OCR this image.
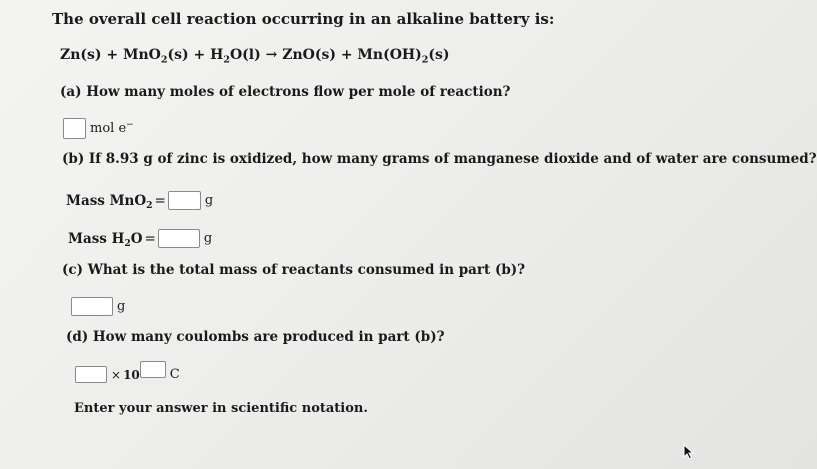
The overall cell reaction occurring in an alkaline battery is:
$Zn(s) + MnO_2(s) + H_2O(l) \to ZnO(s) + Mn(OH)_2(s)$
(a) How many moles of electrons flow per mole of reaction?
mol e−
(b) If 8.93 g of zinc is oxidized, how many grams of manganese dioxide and of water are consumed?
Mass MnO$_2$ =	g
Mass $H_2O$ =	g
(c) What is the total mass of reactants consumed in part (b)?
g
(d) How many coulombs are produced in part (b)?
× 10 C
Enter your answer in scientific notation.
